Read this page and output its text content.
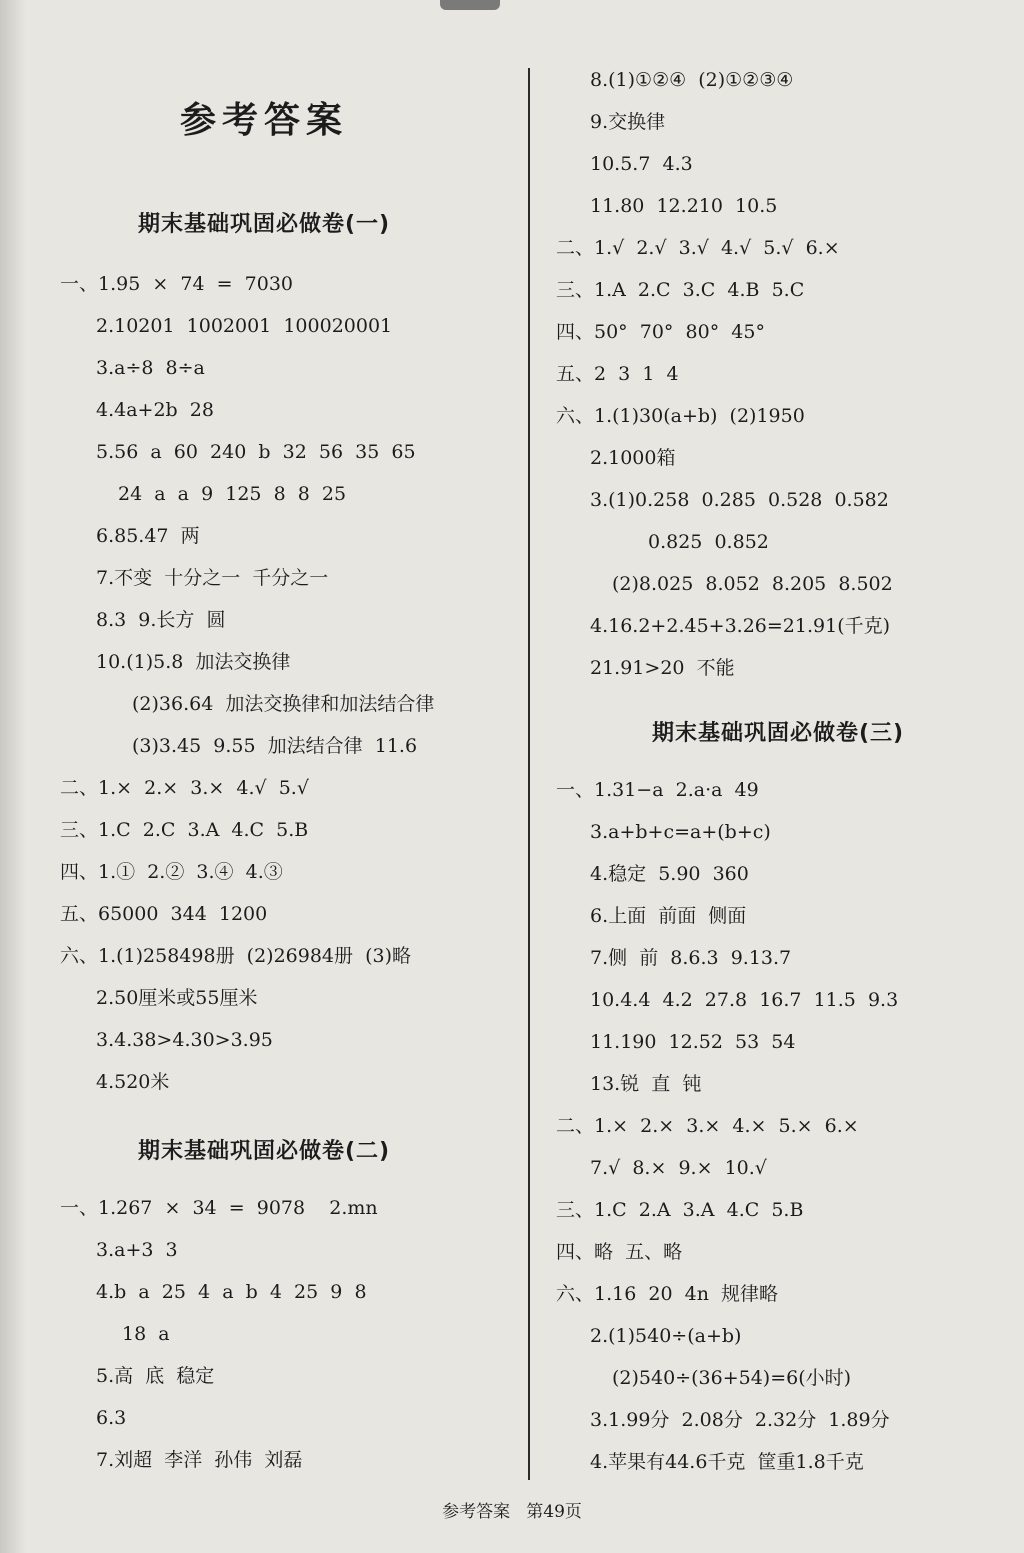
参考答案
期末基础巩固必做卷(一)
一、1.95  ×  74  =  7030
2.10201  1002001  100020001
3.a÷8  8÷a
4.4a+2b  28
5.56  a  60  240  b  32  56  35  65
24  a  a  9  125  8  8  25
6.85.47  两
7.不变  十分之一  千分之一
8.3  9.长方  圆
10.(1)5.8  加法交换律
(2)36.64  加法交换律和加法结合律
(3)3.45  9.55  加法结合律  11.6
二、1.×  2.×  3.×  4.√  5.√
三、1.C  2.C  3.A  4.C  5.B
四、1.①  2.②  3.④  4.③
五、65000  344  1200
六、1.(1)258498册  (2)26984册  (3)略
2.50厘米或55厘米
3.4.38>4.30>3.95
4.520米
期末基础巩固必做卷(二)
一、1.267  ×  34  =  9078    2.mn
3.a+3  3
4.b  a  25  4  a  b  4  25  9  8
18  a
5.高  底  稳定
6.3
7.刘超  李洋  孙伟  刘磊
8.(1)①②④  (2)①②③④
9.交换律
10.5.7  4.3
11.80  12.210  10.5
二、1.√  2.√  3.√  4.√  5.√  6.×
三、1.A  2.C  3.C  4.B  5.C
四、50°  70°  80°  45°
五、2  3  1  4
六、1.(1)30(a+b)  (2)1950
2.1000箱
3.(1)0.258  0.285  0.528  0.582
0.825  0.852
(2)8.025  8.052  8.205  8.502
4.16.2+2.45+3.26=21.91(千克)
21.91>20  不能
期末基础巩固必做卷(三)
一、1.31−a  2.a·a  49
3.a+b+c=a+(b+c)
4.稳定  5.90  360
6.上面  前面  侧面
7.侧  前  8.6.3  9.13.7
10.4.4  4.2  27.8  16.7  11.5  9.3
11.190  12.52  53  54
13.锐  直  钝
二、1.×  2.×  3.×  4.×  5.×  6.×
7.√  8.×  9.×  10.√
三、1.C  2.A  3.A  4.C  5.B
四、略  五、略
六、1.16  20  4n  规律略
2.(1)540÷(a+b)
(2)540÷(36+54)=6(小时)
3.1.99分  2.08分  2.32分  1.89分
4.苹果有44.6千克  筐重1.8千克
参考答案   第49页
